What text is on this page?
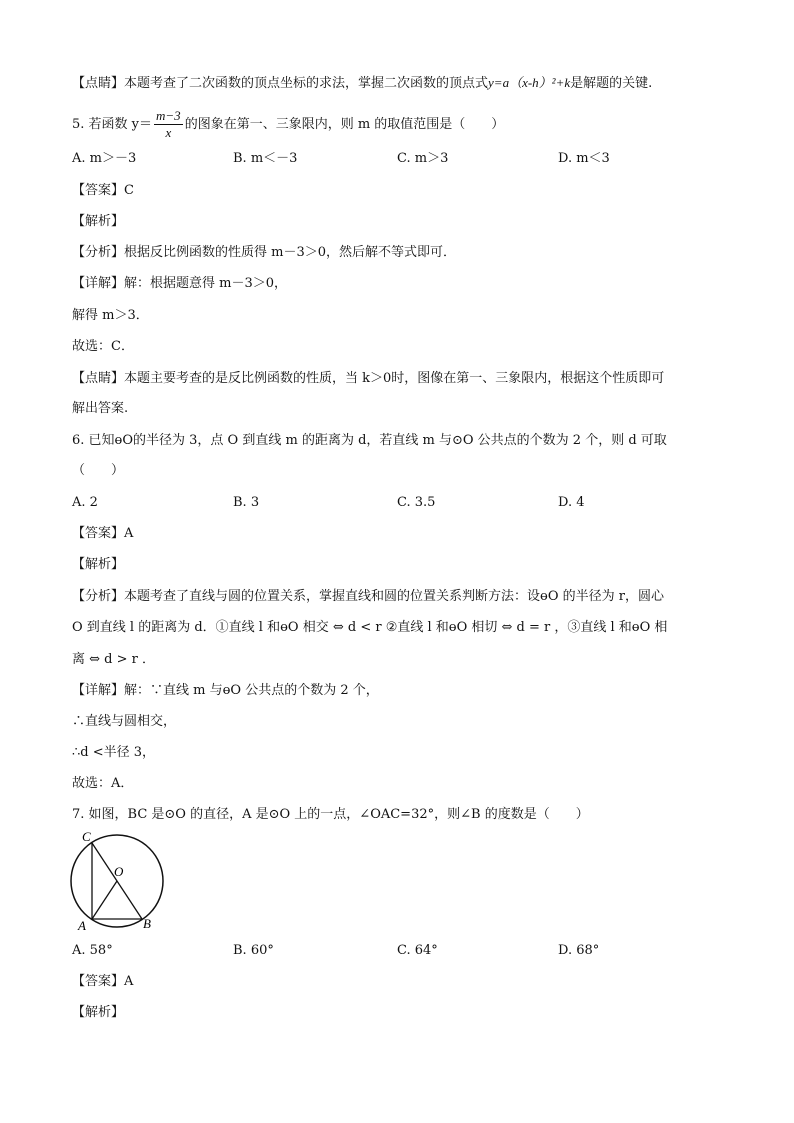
【点睛】本题考查了二次函数的顶点坐标的求法，掌握二次函数的顶点式y=a（x-h）²+k是解题的关键.
5. 若函数 $y= \frac{m-3}{x}$ 的图象在第一、三象限内，则 m 的取值范围是（　　）
A. m＞－3	B. m＜－3	C. m＞3	D. m＜3
【答案】C
【解析】
【分析】根据反比例函数的性质得 m－3＞0，然后解不等式即可．
【详解】解：根据题意得 m－3＞0，
解得 m＞3．
故选：C．
【点睛】本题主要考查的是反比例函数的性质，当 k＞0时，图像在第一、三象限内，根据这个性质即可
解出答案.
6. 已知ɵO的半径为 3，点 O 到直线 m 的距离为 d，若直线 m 与⊙O 公共点的个数为 2 个，则 d 可取
（　　）
A. 2	B. 3	C. 3.5	D. 4
【答案】A
【解析】
【分析】本题考查了直线与圆的位置关系，掌握直线和圆的位置关系判断方法：设ɵO 的半径为 r，圆心
O 到直线 l 的距离为 d．①直线 l 和ɵO 相交 ⇔ d < r ②直线 l 和ɵO 相切 ⇔ d = r ，③直线 l 和ɵO 相
离 ⇔ d > r ．
【详解】解：∵直线 m 与ɵO 公共点的个数为 2 个，
∴直线与圆相交，
∴d <半径 3，
故选：A．
7. 如图，BC 是⊙O 的直径，A 是⊙O 上的一点，∠OAC=32°，则∠B 的度数是（　　）
C
O
A	B
A. 58°	B. 60°	C. 64°	D. 68°
【答案】A
【解析】
